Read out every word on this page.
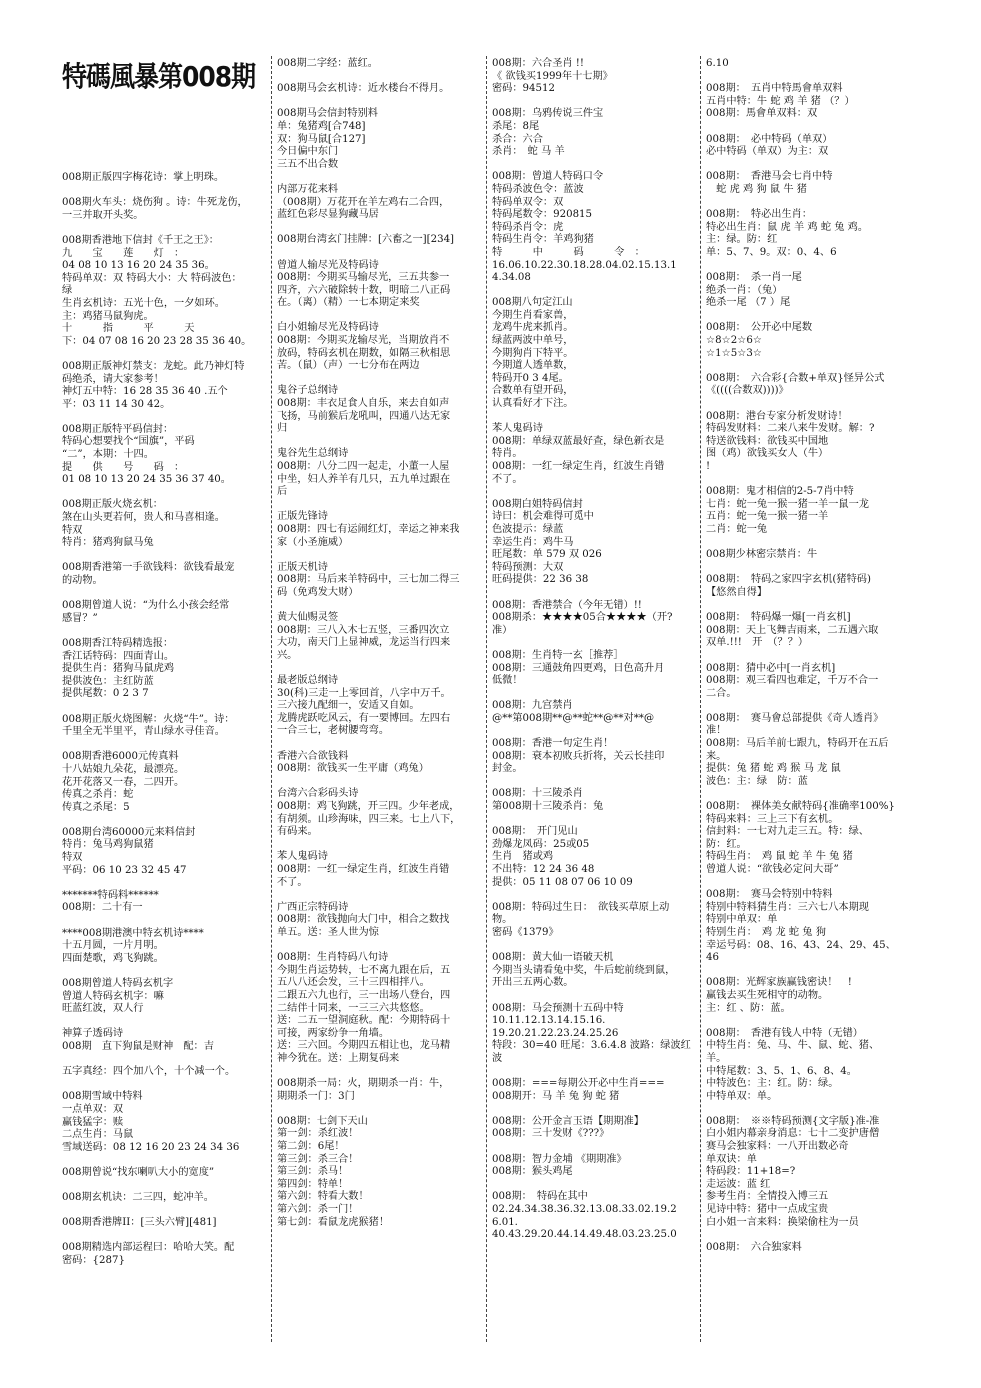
特碼風暴第008期
008期正版四字梅花诗：掌上明珠。
008期火车头：烧伤狗 。诗：牛死龙伤，
一三并取开头奖。
008期香港地下信封《千王之王》：
九　　宝　　莲　　灯　：
04 08 10 13 16 20 24 35 36。
特码单双：双 特码大小：大 特码波色：
绿
生肖玄机诗：五光十色，一夕如环。
主：鸡猪马鼠狗虎。
十　　　指　　　平　　　天
下：04 07 08 16 20 23 28 35 36 40。
008期正版神灯禁支：龙蛇。此乃神灯特
码绝杀，请大家参考！
神灯五中特：16 28 35 36 40 .五个
平：03 11 14 30 42。
008期正版特平码信封：
特码心想要找个“国旗”，平码
“二”，本期：十四。
提　　供　　号　　码　：
01 08 10 13 20 24 35 36 37 40。
008期正版火烧玄机：
煞在山头更若何，贵人和马喜相逢。
特双
特肖：猪鸡狗鼠马兔
008期香港第一手欲钱料：欲钱看最宠
的动物。
008期曾道人说：“为什么小孩会经常
感冒？”
008期香江特码精选报：
香江话特码：四面青山。
提供生肖：猪狗马鼠虎鸡
提供波色：主红防蓝
提供尾数：0 2 3 7
008期正版火烧图解：火烧“牛”。诗：
千里全无半里平，青山绿水寻佳音。
008期香港6000元传真料
十八姑娘九朵花，最漂亮。
花开花落又一春，二四开。
传真之杀肖：蛇
传真之杀尾：5
008期台湾60000元来料信封
特肖：兔马鸡狗鼠猪
特双
平码：06 10 23 32 45 47
*******特码料******
008期：二十有一
****008期港澳中特玄机诗****
十五月圆，一片月明。
四面楚歌，鸡飞狗跳。
008期曾道人特码玄机字
曾道人特码玄机字：嘛
旺蓝红波，双人行
神算子透码诗
008期　直下狗鼠是财神　配：吉
五字真经：四个加八个，十个减一个。
008期雪域中特料
一点单双：双
赢钱猛字：赎
二点生肖：马鼠
雪域送码：08 12 16 20 23 24 34 36
008期曾说“找东喇叭大小的宽度”
008期玄机诀：二三四，蛇冲羊。
008期香港牌II：[三头六臂][481]
008期精选内部运程曰：哈哈大笑。配
密码：{287}
008期二字经：蓝红。
008期马会玄机诗：近水楼台不得月。
008期马会信封特别料
单：兔猪鸡[合748]
双：狗马鼠[合127]
今日偏中东门
三五不出合数
内部万花来料
（008期）万花开在羊左鸡右二合四，
蓝红色彩尽显狗藏马居
008期台湾玄门挂牌：[六畜之一][234]
曾道人输尽光及特码诗
008期：今期买马输尽光，三五共参一
四齐，六六破除转十数，明暗二八正码
在。（离）（精）一七本期定来奖
白小姐输尽光及特码诗
008期：今期买龙输尽光，当期放肖不
放码，特码玄机在期数，如隔三秋相思
苦。（鼠）（声）一七分布在两边
鬼谷子总纲诗
008期：丰衣足食人自乐，来去自如声
飞扬，马前猴后龙吼叫，四通八达无家
归
鬼谷先生总纲诗
008期：八分二四一起走，小董一人屋
中坐，妇人养羊有几只，五九单过跟在
后
正版先锋诗
008期：四七有运闹红灯，幸运之神来我
家（小圣施威）
正版天机诗
008期：马后来羊特码中，三七加二得三
码（免鸡发大财）
黄大仙赐灵签
008期：三八入木七五竖，三番四次立
大功，南天门上显神威，龙运当行四来
兴。
最老版总纲诗
30(科)三走一上零回首，八字中万千。
三六接九配细一，安适又自如。
龙腾虎跃吃风云，有一要博回。左四右
一合三七，老树腰弯弯。
香港六合欲钱料
008期：欲钱买一生平庸（鸡兔）
台湾六合彩码头诗
008期：鸡飞狗跳，开三四。少年老成，
有胡须。山珍海味，四三来。七上八下，
有码来。
苯人鬼码诗
008期：一红一绿定生肖，红波生肖错
不了。
广西正宗特码诗
008期：欲钱抛向大门中，相合之数找
单五。送：圣人世为惊
008期：生肖特码八句诗
今期生肖运势转，七不离九跟在后，五
五八八还会发，三十三四相拌八。
二跟五六九也行，三一出场八登台，四
二结伴十同来，一三三六共悠悠。
送：二五一望洞庭秋。配：今期特码十
可接，两家纷争一角墙。
送：三六回。今期四五相让也，龙马精
神今犹在。送：上期复码来
008期杀一局：火，期期杀一肖：牛，
期期杀一门：3门
008期：七剑下天山
第一剑：杀红波！
第二剑：6尾！
第三剑：杀三合！
第三剑：杀马！
第四剑：特单！
第六剑：特看大数！
第六剑：杀一门！
第七剑：看鼠龙虎猴猪！
008期：六合圣肖 !!
《 欲钱买1999年十七期》
密码：94512
008期：乌鸦传说三件宝
杀尾：8尾
杀合：六合
杀肖：　蛇 马 羊
008期：曾道人特码口令
特码杀波色令：蓝波
特码单双令：双
特码尾数令：920815
特码杀肖令：虎
特码生肖令：羊鸡狗猪
特　　　中　　　码　　　令　：
16.06.10.22.30.18.28.04.02.15.13.1
4.34.08
008期八句定江山
今期生肖看家兽，
龙鸡牛虎来抓肖。
绿蓝两波中单号，
今期狗肖下特平。
今期道人透单数，
特码开0 3 4尾。
合数单有望开码，
认真看好才下注。
苯人鬼码诗
008期：单绿双蓝最好查，绿色新衣是
特肖。
008期：一红一绿定生肖，红波生肖错
不了。
008期白姐特码信封
诗曰：机会难得可觅中
色波提示：绿蓝
幸运生肖：鸡牛马
旺尾数：单 579 双 026
特码预测：大双
旺码提供：22 36 38
008期：香港禁合（今年无错）!!
008期杀：★★★★05合★★★★（开?
准）
008期：生肖特一玄［推荐］
008期：三通鼓角四更鸡，日色高升月
低微！
008期：九宫禁肖
@**第008期**@**蛇**@**对**@
008期：香港一句定生肖！
008期：衰本初败兵折将，关云长挂印
封金。
008期：十三陵杀肖
第008期十三陵杀肖：兔
008期：　开门见山
劲爆龙凤码：25或05
生肖　猪或鸡
不出特：12 24 36 48
提供：05 11 08 07 06 10 09
008期：特码过生日：　欲钱买草原上动
物。
密码《1379》
008期：黄大仙一语破天机
今期当头请看兔中奖，牛后蛇前绕到鼠，
开出三五两心数。
008期：马会预测十五码中特
10.11.12.13.14.15.16.
19.20.21.22.23.24.25.26
特段：30=40 旺尾：3.6.4.8 波路：绿波红
波
008期：===每期公开必中生肖===
008期开：马 羊 兔 狗 蛇 猪
008期：公开金言玉语【期期准】
008期：三十发财《???》
008期：智力金埔 《期期准》
008期：猴头鸡尾
008期：　特码在其中
02.24.34.38.36.32.13.08.33.02.19.2
6.01.
40.43.29.20.44.14.49.48.03.23.25.0
6.10
008期：　五肖中特馬會单双料
五肖中特：牛 蛇 鸡 羊 猪 （？）
008期：馬會单双料：双
008期：　必中特码（单双）
必中特码（单双）为主：双
008期：　香港马会七肖中特
　蛇 虎 鸡 狗 鼠 牛 猪
008期：　特必出生肖：
特必出生肖：鼠 虎 羊 鸡 蛇 兔 鸡。
主：绿。防：红
单：5、7、9。双：0、4、6
008期：　杀一肖一尾
绝杀一肖：（兔）
绝杀一尾 （7 ）尾
008期：　公开必中尾数
☆8☆2☆6☆
☆1☆5☆3☆
008期：　六合彩{合数+单双}怪异公式
《((((合数双))))》
008期：港台专家分析发财诗！
特码发财料：二来八来牛发财。解：?
特送欲钱料：欲钱买中国地
图（鸡）欲钱买女人（牛）
!
008期：鬼才相信的2-5-7肖中特
七肖：蛇一兔一猴一猪一羊一鼠一龙
五肖：蛇一兔一猴一猪一羊
二肖：蛇一兔
008期少林密宗禁肖：牛
008期：　特码之家四字玄机(猪特码)
【悠然自得】
008期：　特码爆一爆[一肖玄机]
008期：天上飞舞吉雨来，二五遇六取
双单.!!!　开　（？？）
008期：猜中必中[一肖玄机]
008期：观三看四也难定，千万不合一
二合。
008期：　赛马會总部提供《奇人透肖》
准！
008期：马后羊前七跟九，特码开在五后
来。
提供：兔 猪 蛇 鸡 猴 马 龙 鼠
波色：主：绿　防：蓝
008期：　裸体美女献特码{准确率100%}
特码来料：三上三下有玄机。
信封料：一七对九走三五。特：绿、
防：红。
特码生肖：　鸡 鼠 蛇 羊 牛 兔 猪
曾道人说：“欲钱必定问大哥”
008期：　赛马会特别中特料
特别中特料猜生肖：三六七八本期现
特别中单双：单
特别生肖：　鸡 龙 蛇 兔 狗
幸运号码：08、16、43、24、29、45、
46
008期：光辉家族赢钱密诀！　!
赢钱去买生死相守的动物。
主：红 、防：蓝。
008期：　香港有钱人中特（无错）
中特生肖：兔、马、牛、鼠、蛇、猪、
羊。
中特尾数：3、5、1、6、8、4。
中特波色：主：红。防：绿。
中特单双：单。
008期：　※※特码预测{文字版}准-准
白小姐内幕亲身消息：七十二变护唐僧
赛马会独家料：一八开出数必奇
单双诀：单
特码段：11+18=?
走运波：蓝 红
参考生肖：全情投入博三五
见诗中特：猪中一点成宝贵
白小姐一言来料：换梁偷柱为一员
008期：　六合独家料
